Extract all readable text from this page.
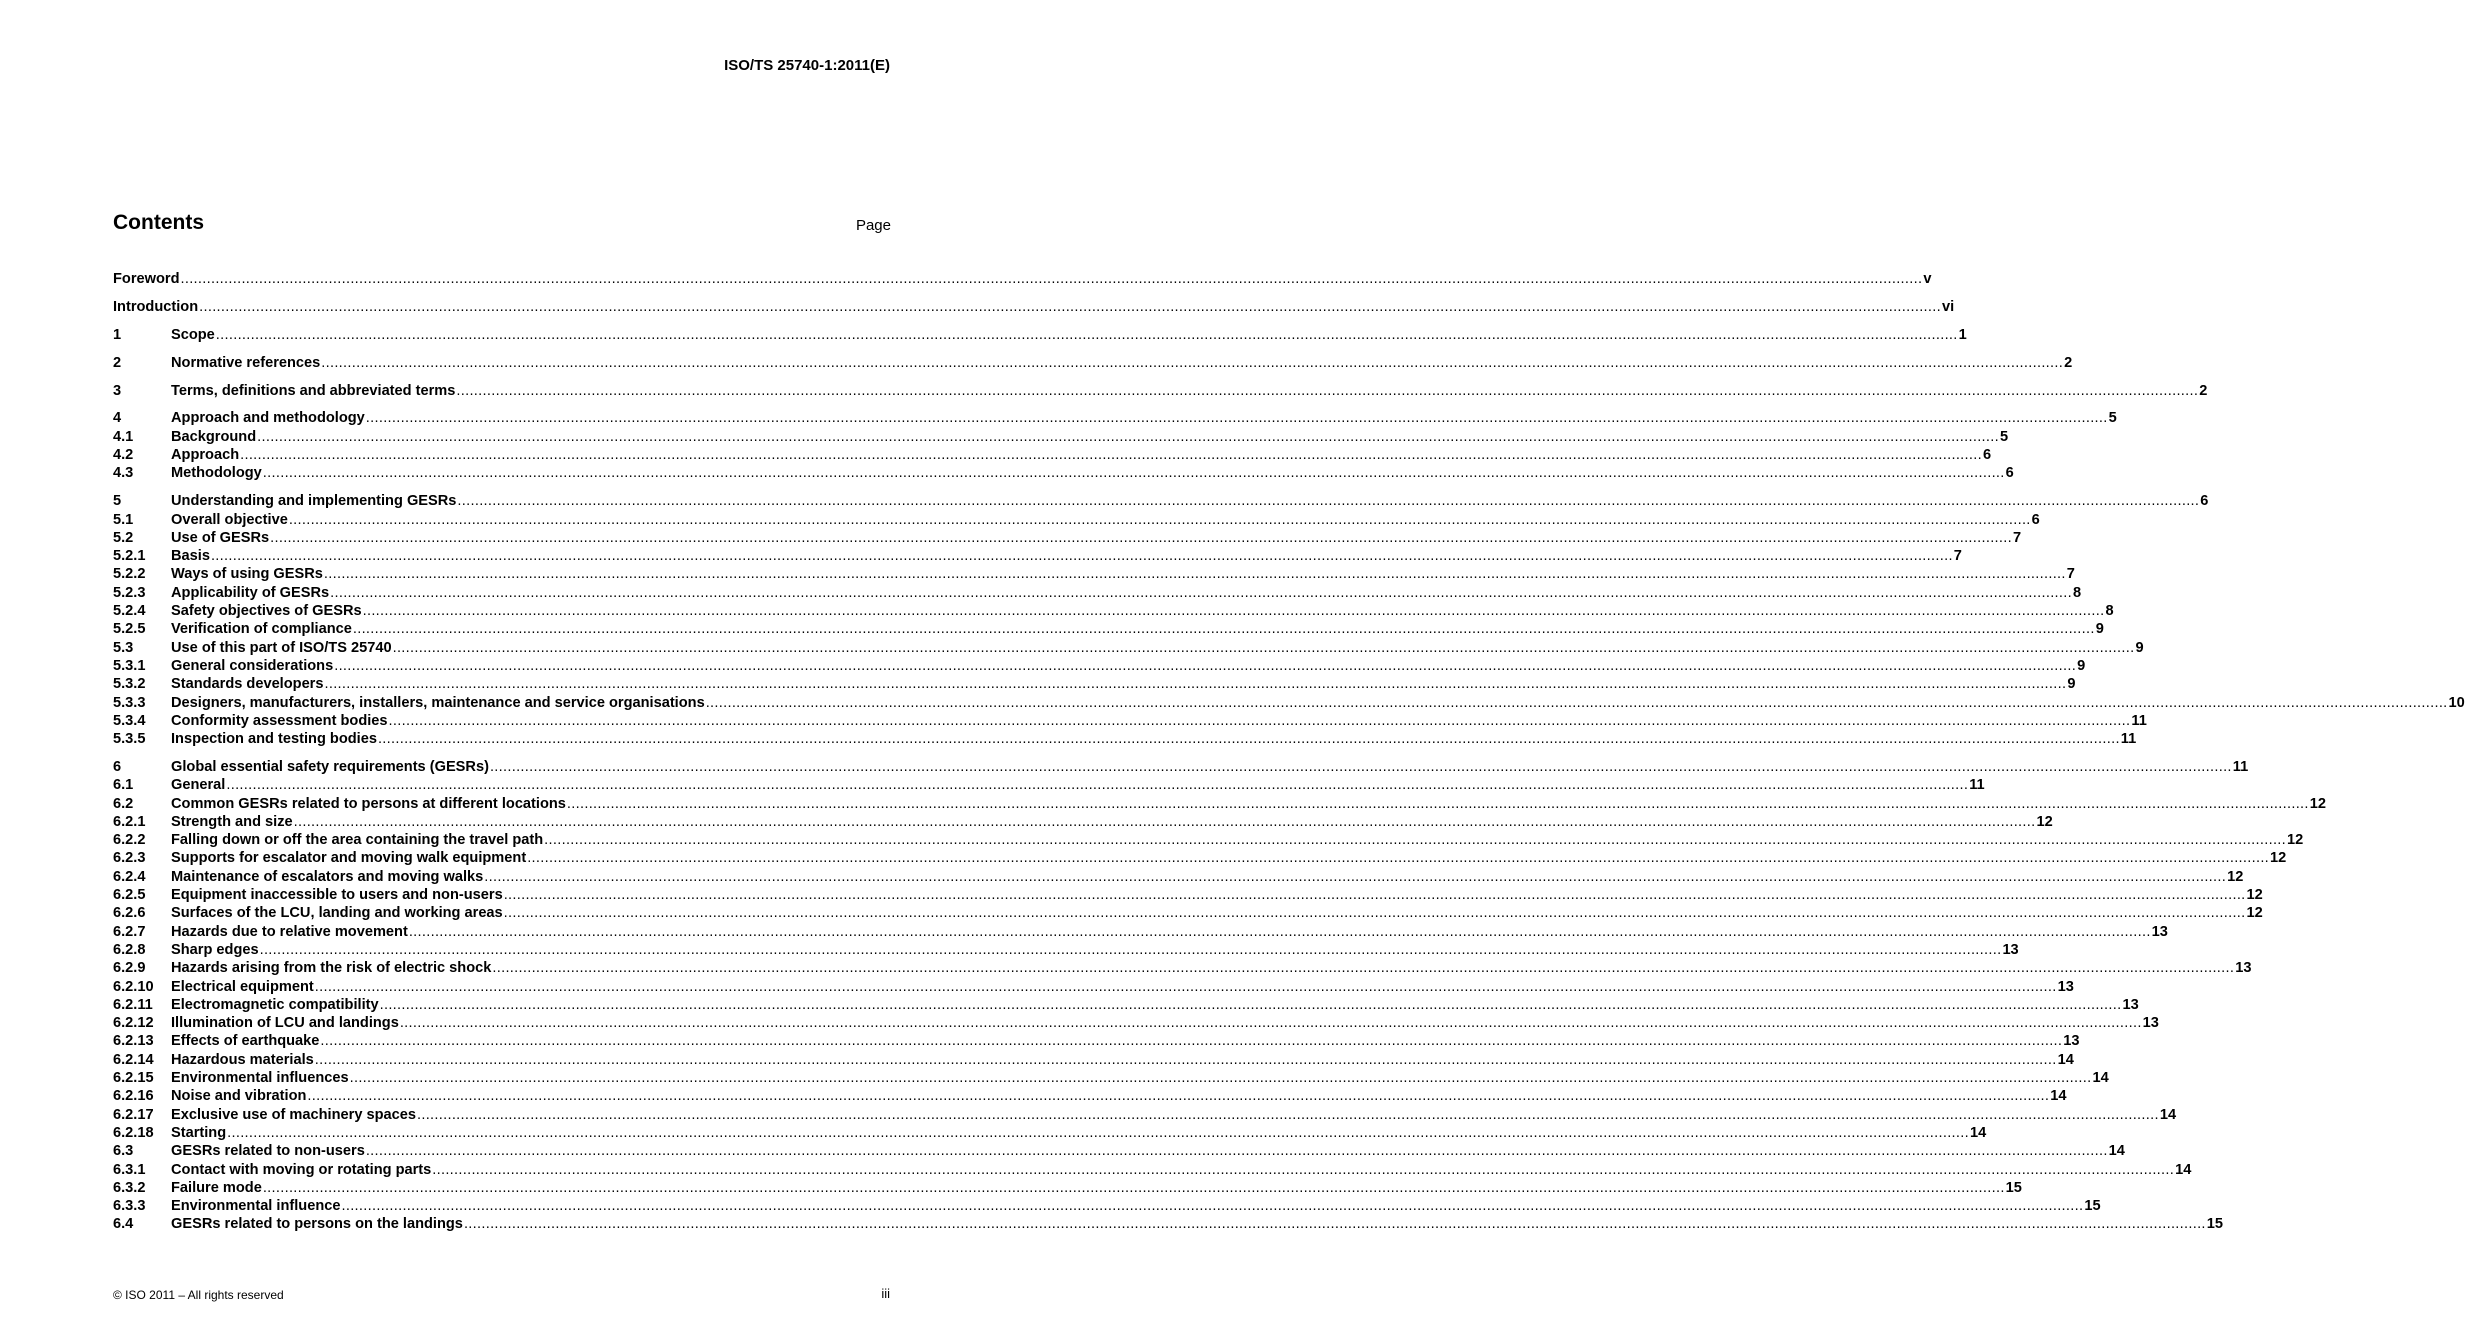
ISO/TS 25740-1:2011(E)
Contents	Page
Foreword ................................................................................................................................................................................................................................................................................................................................................................................................................ v
Introduction ................................................................................................................................................................................................................................................................................................................................................................................................................ vi
1	Scope ................................................................................................................................................................................................................................................................................................................................................................................................................ 1
2	Normative references ................................................................................................................................................................................................................................................................................................................................................................................................................ 2
3	Terms, definitions and abbreviated terms ................................................................................................................................................................................................................................................................................................................................................................................................................ 2
4	Approach and methodology ................................................................................................................................................................................................................................................................................................................................................................................................................ 5
4.1	Background ................................................................................................................................................................................................................................................................................................................................................................................................................ 5
4.2	Approach ................................................................................................................................................................................................................................................................................................................................................................................................................ 6
4.3	Methodology ................................................................................................................................................................................................................................................................................................................................................................................................................ 6
5	Understanding and implementing GESRs ................................................................................................................................................................................................................................................................................................................................................................................................................ 6
5.1	Overall objective ................................................................................................................................................................................................................................................................................................................................................................................................................ 6
5.2	Use of GESRs ................................................................................................................................................................................................................................................................................................................................................................................................................ 7
5.2.1	Basis ................................................................................................................................................................................................................................................................................................................................................................................................................ 7
5.2.2	Ways of using GESRs ................................................................................................................................................................................................................................................................................................................................................................................................................ 7
5.2.3	Applicability of GESRs ................................................................................................................................................................................................................................................................................................................................................................................................................ 8
5.2.4	Safety objectives of GESRs ................................................................................................................................................................................................................................................................................................................................................................................................................ 8
5.2.5	Verification of compliance ................................................................................................................................................................................................................................................................................................................................................................................................................ 9
5.3	Use of this part of ISO/TS 25740 ................................................................................................................................................................................................................................................................................................................................................................................................................ 9
5.3.1	General considerations ................................................................................................................................................................................................................................................................................................................................................................................................................ 9
5.3.2	Standards developers ................................................................................................................................................................................................................................................................................................................................................................................................................ 9
5.3.3	Designers, manufacturers, installers, maintenance and service organisations ................................................................................................................................................................................................................................................................................................................................................................................................................ 10
5.3.4	Conformity assessment bodies ................................................................................................................................................................................................................................................................................................................................................................................................................ 11
5.3.5	Inspection and testing bodies ................................................................................................................................................................................................................................................................................................................................................................................................................ 11
6	Global essential safety requirements (GESRs) ................................................................................................................................................................................................................................................................................................................................................................................................................ 11
6.1	General ................................................................................................................................................................................................................................................................................................................................................................................................................ 11
6.2	Common GESRs related to persons at different locations ................................................................................................................................................................................................................................................................................................................................................................................................................ 12
6.2.1	Strength and size ................................................................................................................................................................................................................................................................................................................................................................................................................ 12
6.2.2	Falling down or off the area containing the travel path ................................................................................................................................................................................................................................................................................................................................................................................................................ 12
6.2.3	Supports for escalator and moving walk equipment ................................................................................................................................................................................................................................................................................................................................................................................................................ 12
6.2.4	Maintenance of escalators and moving walks ................................................................................................................................................................................................................................................................................................................................................................................................................ 12
6.2.5	Equipment inaccessible to users and non-users ................................................................................................................................................................................................................................................................................................................................................................................................................ 12
6.2.6	Surfaces of the LCU, landing and working areas ................................................................................................................................................................................................................................................................................................................................................................................................................ 12
6.2.7	Hazards due to relative movement ................................................................................................................................................................................................................................................................................................................................................................................................................ 13
6.2.8	Sharp edges ................................................................................................................................................................................................................................................................................................................................................................................................................ 13
6.2.9	Hazards arising from the risk of electric shock ................................................................................................................................................................................................................................................................................................................................................................................................................ 13
6.2.10	Electrical equipment ................................................................................................................................................................................................................................................................................................................................................................................................................ 13
6.2.11	Electromagnetic compatibility ................................................................................................................................................................................................................................................................................................................................................................................................................ 13
6.2.12	Illumination of LCU and landings ................................................................................................................................................................................................................................................................................................................................................................................................................ 13
6.2.13	Effects of earthquake ................................................................................................................................................................................................................................................................................................................................................................................................................ 13
6.2.14	Hazardous materials ................................................................................................................................................................................................................................................................................................................................................................................................................ 14
6.2.15	Environmental influences ................................................................................................................................................................................................................................................................................................................................................................................................................ 14
6.2.16	Noise and vibration ................................................................................................................................................................................................................................................................................................................................................................................................................ 14
6.2.17	Exclusive use of machinery spaces ................................................................................................................................................................................................................................................................................................................................................................................................................ 14
6.2.18	Starting ................................................................................................................................................................................................................................................................................................................................................................................................................ 14
6.3	GESRs related to non-users ................................................................................................................................................................................................................................................................................................................................................................................................................ 14
6.3.1	Contact with moving or rotating parts ................................................................................................................................................................................................................................................................................................................................................................................................................ 14
6.3.2	Failure mode ................................................................................................................................................................................................................................................................................................................................................................................................................ 15
6.3.3	Environmental influence ................................................................................................................................................................................................................................................................................................................................................................................................................ 15
6.4	GESRs related to persons on the landings ................................................................................................................................................................................................................................................................................................................................................................................................................ 15
© ISO 2011 – All rights reserved	iii
